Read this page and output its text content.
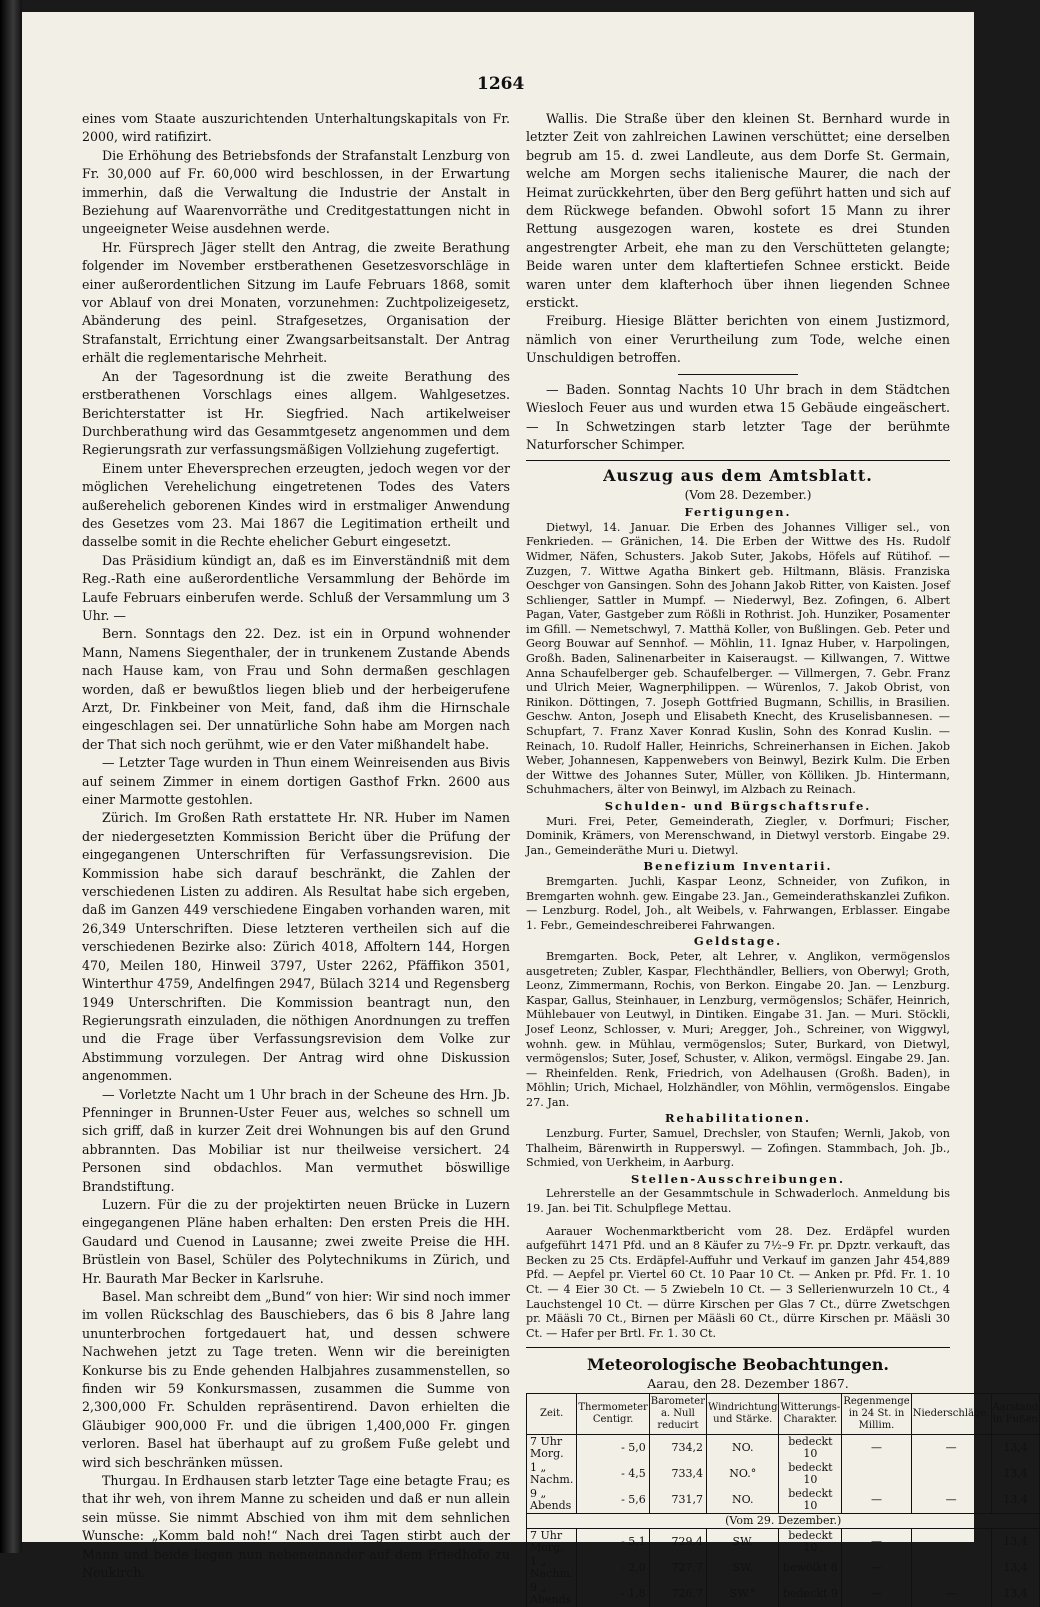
1264

eines vom Staate auszurichtenden Unterhaltungskapitals von Fr. 2000, wird ratifizirt.

Die Erhöhung des Betriebsfonds der Strafanstalt Lenzburg von Fr. 30,000 auf Fr. 60,000 wird beschlossen, in der Erwartung immerhin, daß die Verwaltung die Industrie der Anstalt in Beziehung auf Waarenvorräthe und Creditgestattungen nicht in ungeeigneter Weise ausdehnen werde.

Hr. Fürsprech Jäger stellt den Antrag, die zweite Berathung folgender im November erstberathenen Gesetzesvorschläge in einer außerordentlichen Sitzung im Laufe Februars 1868, somit vor Ablauf von drei Monaten, vorzunehmen: Zuchtpolizeigesetz, Abänderung des peinl. Strafgesetzes, Organisation der Strafanstalt, Errichtung einer Zwangsarbeitsanstalt. Der Antrag erhält die reglementarische Mehrheit.

An der Tagesordnung ist die zweite Berathung des erstberathenen Vorschlags eines allgem. Wahlgesetzes. Berichterstatter ist Hr. Siegfried. Nach artikelweiser Durchberathung wird das Gesammtgesetz angenommen und dem Regierungsrath zur verfassungsmäßigen Vollziehung zugefertigt.

Einem unter Eheversprechen erzeugten, jedoch wegen vor der möglichen Verehelichung eingetretenen Todes des Vaters außerehelich geborenen Kindes wird in erstmaliger Anwendung des Gesetzes vom 23. Mai 1867 die Legitimation ertheilt und dasselbe somit in die Rechte ehelicher Geburt eingesetzt.

Das Präsidium kündigt an, daß es im Einverständniß mit dem Reg.-Rath eine außerordentliche Versammlung der Behörde im Laufe Februars einberufen werde. Schluß der Versammlung um 3 Uhr. —

Bern. Sonntags den 22. Dez. ist ein in Orpund wohnender Mann, Namens Siegenthaler, der in trunkenem Zustande Abends nach Hause kam, von Frau und Sohn dermaßen geschlagen worden, daß er bewußtlos liegen blieb und der herbeigerufene Arzt, Dr. Finkbeiner von Meit, fand, daß ihm die Hirnschale eingeschlagen sei. Der unnatürliche Sohn habe am Morgen nach der That sich noch gerühmt, wie er den Vater mißhandelt habe.

— Letzter Tage wurden in Thun einem Weinreisenden aus Bivis auf seinem Zimmer in einem dortigen Gasthof Frkn. 2600 aus einer Marmotte gestohlen.

Zürich. Im Großen Rath erstattete Hr. NR. Huber im Namen der niedergesetzten Kommission Bericht über die Prüfung der eingegangenen Unterschriften für Verfassungsrevision. Die Kommission habe sich darauf beschränkt, die Zahlen der verschiedenen Listen zu addiren. Als Resultat habe sich ergeben, daß im Ganzen 449 verschiedene Eingaben vorhanden waren, mit 26,349 Unterschriften. Diese letzteren vertheilen sich auf die verschiedenen Bezirke also: Zürich 4018, Affoltern 144, Horgen 470, Meilen 180, Hinweil 3797, Uster 2262, Pfäffikon 3501, Winterthur 4759, Andelfingen 2947, Bülach 3214 und Regensberg 1949 Unterschriften. Die Kommission beantragt nun, den Regierungsrath einzuladen, die nöthigen Anordnungen zu treffen und die Frage über Verfassungsrevision dem Volke zur Abstimmung vorzulegen. Der Antrag wird ohne Diskussion angenommen.

— Vorletzte Nacht um 1 Uhr brach in der Scheune des Hrn. Jb. Pfenninger in Brunnen-Uster Feuer aus, welches so schnell um sich griff, daß in kurzer Zeit drei Wohnungen bis auf den Grund abbrannten. Das Mobiliar ist nur theilweise versichert. 24 Personen sind obdachlos. Man vermuthet böswillige Brandstiftung.

Luzern. Für die zu der projektirten neuen Brücke in Luzern eingegangenen Pläne haben erhalten: Den ersten Preis die HH. Gaudard und Cuenod in Lausanne; zwei zweite Preise die HH. Brüstlein von Basel, Schüler des Polytechnikums in Zürich, und Hr. Baurath Mar Becker in Karlsruhe.

Basel. Man schreibt dem „Bund“ von hier: Wir sind noch immer im vollen Rückschlag des Bauschiebers, das 6 bis 8 Jahre lang ununterbrochen fortgedauert hat, und dessen schwere Nachwehen jetzt zu Tage treten. Wenn wir die bereinigten Konkurse bis zu Ende gehenden Halbjahres zusammenstellen, so finden wir 59 Konkursmassen, zusammen die Summe von 2,300,000 Fr. Schulden repräsentirend. Davon erhielten die Gläubiger 900,000 Fr. und die übrigen 1,400,000 Fr. gingen verloren. Basel hat überhaupt auf zu großem Fuße gelebt und wird sich beschränken müssen.

Thurgau. In Erdhausen starb letzter Tage eine betagte Frau; es that ihr weh, von ihrem Manne zu scheiden und daß er nun allein sein müsse. Sie nimmt Abschied von ihm mit dem sehnlichen Wunsche: „Komm bald noh!“ Nach drei Tagen stirbt auch der Mann und beide liegen nun nebeneinander auf dem Friedhofe zu Neukirch.

Wallis. Die Straße über den kleinen St. Bernhard wurde in letzter Zeit von zahlreichen Lawinen verschüttet; eine derselben begrub am 15. d. zwei Landleute, aus dem Dorfe St. Germain, welche am Morgen sechs italienische Maurer, die nach der Heimat zurückkehrten, über den Berg geführt hatten und sich auf dem Rückwege befanden. Obwohl sofort 15 Mann zu ihrer Rettung ausgezogen waren, kostete es drei Stunden angestrengter Arbeit, ehe man zu den Verschütteten gelangte; Beide waren unter dem klaftertiefen Schnee erstickt. Beide waren unter dem klafterhoch über ihnen liegenden Schnee erstickt.

Freiburg. Hiesige Blätter berichten von einem Justizmord, nämlich von einer Verurtheilung zum Tode, welche einen Unschuldigen betroffen.

— Baden. Sonntag Nachts 10 Uhr brach in dem Städtchen Wiesloch Feuer aus und wurden etwa 15 Gebäude eingeäschert. — In Schwetzingen starb letzter Tage der berühmte Naturforscher Schimper.

Auszug aus dem Amtsblatt.

(Vom 28. Dezember.)

Fertigungen.

Dietwyl, 14. Januar. Die Erben des Johannes Villiger sel., von Fenkrieden. — Gränichen, 14. Die Erben der Wittwe des Hs. Rudolf Widmer, Näfen, Schusters. Jakob Suter, Jakobs, Höfels auf Rütihof. — Zuzgen, 7. Wittwe Agatha Binkert geb. Hiltmann, Bläsis. Franziska Oeschger von Gansingen. Sohn des Johann Jakob Ritter, von Kaisten. Josef Schlienger, Sattler in Mumpf. — Niederwyl, Bez. Zofingen, 6. Albert Pagan, Vater, Gastgeber zum Rößli in Rothrist. Joh. Hunziker, Posamenter im Gfill. — Nemetschwyl, 7. Matthä Koller, von Bußlingen. Geb. Peter und Georg Bouwar auf Sennhof. — Möhlin, 11. Ignaz Huber, v. Harpolingen, Großh. Baden, Salinenarbeiter in Kaiseraugst. — Killwangen, 7. Wittwe Anna Schaufelberger geb. Schaufelberger. — Villmergen, 7. Gebr. Franz und Ulrich Meier, Wagnerphilippen. — Würenlos, 7. Jakob Obrist, von Rinikon. Döttingen, 7. Joseph Gottfried Bugmann, Schillis, in Brasilien. Geschw. Anton, Joseph und Elisabeth Knecht, des Kruselisbannesen. — Schupfart, 7. Franz Xaver Konrad Kuslin, Sohn des Konrad Kuslin. — Reinach, 10. Rudolf Haller, Heinrichs, Schreinerhansen in Eichen. Jakob Weber, Johannesen, Kappenwebers von Beinwyl, Bezirk Kulm. Die Erben der Wittwe des Johannes Suter, Müller, von Kölliken. Jb. Hintermann, Schuhmachers, älter von Beinwyl, im Alzbach zu Reinach.

Schulden- und Bürgschaftsrufe.

Muri. Frei, Peter, Gemeinderath, Ziegler, v. Dorfmuri; Fischer, Dominik, Krämers, von Merenschwand, in Dietwyl verstorb. Eingabe 29. Jan., Gemeinderäthe Muri u. Dietwyl.

Benefizium Inventarii.

Bremgarten. Juchli, Kaspar Leonz, Schneider, von Zufikon, in Bremgarten wohnh. gew. Eingabe 23. Jan., Gemeinderathskanzlei Zufikon. — Lenzburg. Rodel, Joh., alt Weibels, v. Fahrwangen, Erblasser. Eingabe 1. Febr., Gemeindeschreiberei Fahrwangen.

Geldstage.

Bremgarten. Bock, Peter, alt Lehrer, v. Anglikon, vermögenslos ausgetreten; Zubler, Kaspar, Flechthändler, Belliers, von Oberwyl; Groth, Leonz, Zimmermann, Rochis, von Berkon. Eingabe 20. Jan. — Lenzburg. Kaspar, Gallus, Steinhauer, in Lenzburg, vermögenslos; Schäfer, Heinrich, Mühlebauer von Leutwyl, in Dintiken. Eingabe 31. Jan. — Muri. Stöckli, Josef Leonz, Schlosser, v. Muri; Aregger, Joh., Schreiner, von Wiggwyl, wohnh. gew. in Mühlau, vermögenslos; Suter, Burkard, von Dietwyl, vermögenslos; Suter, Josef, Schuster, v. Alikon, vermögsl. Eingabe 29. Jan. — Rheinfelden. Renk, Friedrich, von Adelhausen (Großh. Baden), in Möhlin; Urich, Michael, Holzhändler, von Möhlin, vermögenslos. Eingabe 27. Jan.

Rehabilitationen.

Lenzburg. Furter, Samuel, Drechsler, von Staufen; Wernli, Jakob, von Thalheim, Bärenwirth in Rupperswyl. — Zofingen. Stammbach, Joh. Jb., Schmied, von Uerkheim, in Aarburg.

Stellen-Ausschreibungen.

Lehrerstelle an der Gesammtschule in Schwaderloch. Anmeldung bis 19. Jan. bei Tit. Schulpflege Mettau.

Aarauer Wochenmarktbericht vom 28. Dez. Erdäpfel wurden aufgeführt 1471 Pfd. und an 8 Käufer zu 7½–9 Fr. pr. Dpztr. verkauft, das Becken zu 25 Cts. Erdäpfel-Auffuhr und Verkauf im ganzen Jahr 454,889 Pfd. — Aepfel pr. Viertel 60 Ct. 10 Paar 10 Ct. — Anken pr. Pfd. Fr. 1. 10 Ct. — 4 Eier 30 Ct. — 5 Zwiebeln 10 Ct. — 3 Sellerienwurzeln 10 Ct., 4 Lauchstengel 10 Ct. — dürre Kirschen per Glas 7 Ct., dürre Zwetschgen pr. Määsli 70 Ct., Birnen per Määsli 60 Ct., dürre Kirschen pr. Määsli 30 Ct. — Hafer per Brtl. Fr. 1. 30 Ct.

Meteorologische Beobachtungen.

Aarau, den 28. Dezember 1867.

Zeit.	Thermometer Centigr.	Barometer a. Null reducirt	Windrichtung und Stärke.	Witterungs-Charakter.	Regenmenge in 24 St. in Millim.	Niederschläge.	Aarstand in Fußen
7 Uhr Morg.	- 5,0	734,2	NO.	bedeckt 10	—	—	13,4
1 „ Nachm.	- 4,5	733,4	NO.°	bedeckt 10			13,4
9 „ Abends	- 5,6	731,7	NO.	bedeckt 10	—	—	13,4
(Vom 29. Dezember.)							
7 Uhr Morg.	- 5,1	729,4	SW.	bedeckt 10	—		13,4
1 „ Nachm.	- 2,0	727,7	SW.	bewölkt 8	—		13,4
9 „ Abends	- 1,8	726,7	SW.°	bedeckt 9	—	—	13,4
